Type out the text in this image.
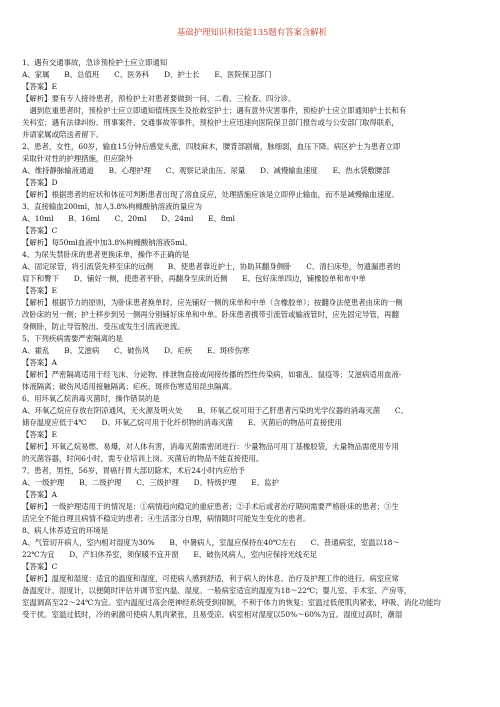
基础护理知识和技能135题有答案含解析
1、遇有交通事故，急诊预检护士应立即通知
A、家属　　B、总值班　　C、医务科　　D、护士长　　E、医院保卫部门
【答案】E
【解析】要有专人接待患者，预检护士对患者要做到一问、二看、三检查、四分诊。
　遇到危重患者时，预检护士应立即通知值班医生及抢救室护士；遇有意外灾害事件，预检护士应立即通知护士长和有
关科室；遇有法律纠纷、刑事案件、交通事故等事件，预检护士应迅速向医院保卫部门报告或与公安部门取得联系，
并请家属或陪送者留下。
2、患者，女性，60岁，输血15分钟后感觉头涨，四肢麻木，腰背部剧痛，脉细弱，血压下降。病区护士为患者立即
采取针对性的护理措施，但应除外
A、维持静脉输液通道　　B、心理护理　　C、观察记录血压、尿量　　D、减慢输血速度　　E、热水袋敷腰部
【答案】D
【解析】根据患者的症状和体征可判断患者出现了溶血反应，处理措施应该是立即停止输血，而不是减慢输血速度。
3、直接输血200ml，加入3.8%枸橼酸钠溶液的量应为
A、10ml　　B、16ml　　C、20ml　　D、24ml　　E、8ml
【答案】C
【解析】每50ml血液中加3.8%枸橼酸钠溶液5ml。
4、为尿失禁卧床的患者更换床单，操作不正确的是
A、固定尿管，将引流袋先移至床的远侧　　B、使患者靠近护士，协助其翻身侧卧　　C、清扫床垫，勿遗漏患者的
肩下和臀下　　D、铺好一侧，使患者平卧，再翻身至床的近侧　　E、包好床单四边，铺橡胶单和布中单
【答案】E
【解析】根据节力的原则，为卧床患者换单时，应先铺好一侧的床单和中单（含橡胶单）；按翻身法使患者由床的一侧
改卧床的另一侧；护士移步到另一侧再分别铺好床单和中单。卧床患者携带引流管或输液管时，应先固定导管，再翻
身侧卧，防止导管脱出、受压或发生引流液逆流。
5、下列疾病需要严密隔离的是
A、霍乱　　B、艾滋病　　C、破伤风　　D、疟疾　　E、斑疹伤寒
【答案】A
【解析】严密隔离适用于经飞沫、分泌物、排泄物直接或间接传播的烈性传染病，如霍乱、鼠疫等；艾滋病适用血液-
体液隔离；破伤风适用接触隔离；疟疾、斑疹伤寒适用昆虫隔离。
6、用环氧乙烷消毒灭菌时，操作错误的是
A、环氧乙烷应存放在阴凉通风，无火源及明火处　　B、环氧乙烷可用于乙肝患者污染的光学仪器的消毒灭菌　　C、
储存温度应低于4℃　　D、环氧乙烷可用于化纤织物的消毒灭菌　　E、灭菌后的物品可直接使用
【答案】E
【解析】环氧乙烷易燃、易爆，对人体有害，消毒灭菌需密闭进行：少量物品可用丁基橡胶袋，大量物品需使用专用
的灭菌容器，时间6小时，需专业培训上岗。灭菌后的物品不能直接使用。
7、患者，男性，56岁，胃癌行胃大部切除术，术后24小时内应给予
A、一级护理　　B、二级护理　　C、三级护理　　D、特级护理　　E、监护
【答案】A
【解析】一级护理适用于的情况是：①病情趋向稳定的重症患者；②手术后或者治疗期间需要严格卧床的患者；③生
活完全不能自理且病情不稳定的患者；④生活部分自理，病情随时可能发生变化的患者。
8、病人休养适宜的环境是
A、气管切开病人，室内相对湿度为30%　　B、中暑病人，室温应保持在40℃左右　　C、普通病室，室温以18～
22℃为宜　　D、产妇休养室，须保暖不宜开窗　　E、破伤风病人，室内应保持光线充足
【答案】C
【解析】温度和湿度：适宜的温度和湿度，可使病人感到舒适，利于病人的休息、治疗及护理工作的进行。病室应常
备温度计、湿度计，以便随时评估并调节室内温、湿度。一般病室适宜的温度为18～22℃；婴儿室、手术室、产房等，
室温调高至22～24℃为宜。室内温度过高会使神经系统受到抑制，不利于体力的恢复；室温过低使肌肉紧张，呼吸、消化功能均
受干扰。室温过低时，冷的刺激可使病人肌肉紧张，且易受凉。病室相对湿度以50%～60%为宜。湿度过高时，潮湿
